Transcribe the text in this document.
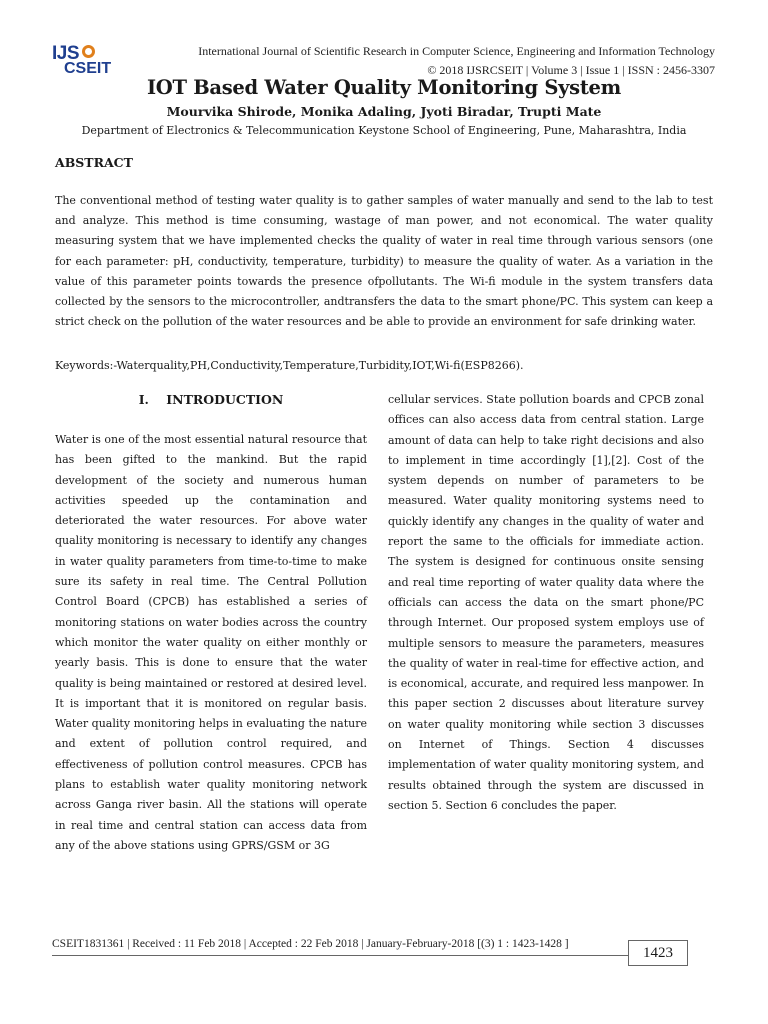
IJS
CSEIT
International Journal of Scientific Research in Computer Science, Engineering and Information Technology
© 2018 IJSRCSEIT | Volume 3 | Issue 1 | ISSN : 2456-3307
IOT Based Water Quality Monitoring System
Mourvika Shirode, Monika Adaling, Jyoti Biradar, Trupti Mate
Department of Electronics & Telecommunication Keystone School of Engineering, Pune, Maharashtra, India
ABSTRACT

The conventional method of testing water quality is to gather samples of water manually and send to the lab to test and analyze. This method is time consuming, wastage of man power, and not economical. The water quality measuring system that we have implemented checks the quality of water in real time through various sensors (one for each parameter: pH, conductivity, temperature, turbidity) to measure the quality of water. As a variation in the value of this parameter points towards the presence ofpollutants. The Wi-fi module in the system transfers data collected by the sensors to the microcontroller, andtransfers the data to the smart phone/PC. This system can keep a strict check on the pollution of the water resources and be able to provide an environment for safe drinking water.

Keywords:-Waterquality,PH,Conductivity,Temperature,Turbidity,IOT,Wi-fi(ESP8266).

I.    INTRODUCTION

Water is one of the most essential natural resource that has been gifted to the mankind. But the rapid development of the society and numerous human activities speeded up the contamination and deteriorated the water resources. For above water quality monitoring is necessary to identify any changes in water quality parameters from time-to-time to make sure its safety in real time. The Central Pollution Control Board (CPCB) has established a series of monitoring stations on water bodies across the country which monitor the water quality on either monthly or yearly basis. This is done to ensure that the water quality is being maintained or restored at desired level. It is important that it is monitored on regular basis. Water quality monitoring helps in evaluating the nature and extent of pollution control required, and effectiveness of pollution control measures. CPCB has plans to establish water quality monitoring network across Ganga river basin. All the stations will operate in real time and central station can access data from any of the above stations using GPRS/GSM or 3G

cellular services. State pollution boards and CPCB zonal offices can also access data from central station. Large amount of data can help to take right decisions and also to implement in time accordingly [1],[2]. Cost of the system depends on number of parameters to be measured. Water quality monitoring systems need to quickly identify any changes in the quality of water and report the same to the officials for immediate action. The system is designed for continuous onsite sensing and real time reporting of water quality data where the officials can access the data on the smart phone/PC through Internet. Our proposed system employs use of multiple sensors to measure the parameters, measures the quality of water in real-time for effective action, and is economical, accurate, and required less manpower. In this paper section 2 discusses about literature survey on water quality monitoring while section 3 discusses on Internet of Things. Section 4 discusses implementation of water quality monitoring system, and results obtained through the system are discussed in section 5. Section 6 concludes the paper.

CSEIT1831361 | Received : 11 Feb 2018 | Accepted : 22 Feb 2018 | January-February-2018 [(3) 1 : 1423-1428 ]
1423
